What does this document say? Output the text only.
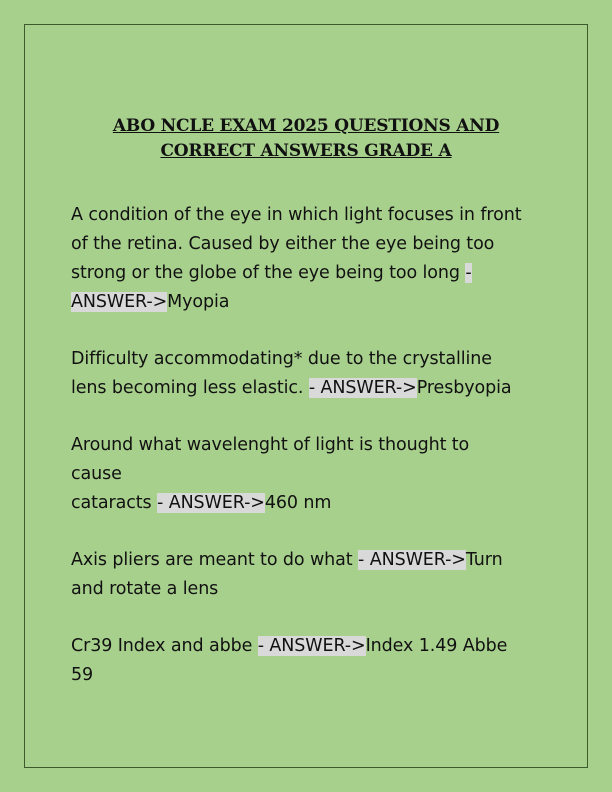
ABO NCLE EXAM 2025 QUESTIONS AND
CORRECT ANSWERS GRADE A
A condition of the eye in which light focuses in front
of the retina. Caused by either the eye being too
strong or the globe of the eye being too long -
ANSWER->Myopia
Difficulty accommodating* due to the crystalline
lens becoming less elastic. - ANSWER->Presbyopia
Around what wavelenght of light is thought to
cause
cataracts - ANSWER->460 nm
Axis pliers are meant to do what - ANSWER->Turn
and rotate a lens
Cr39 Index and abbe - ANSWER->Index 1.49 Abbe
59
